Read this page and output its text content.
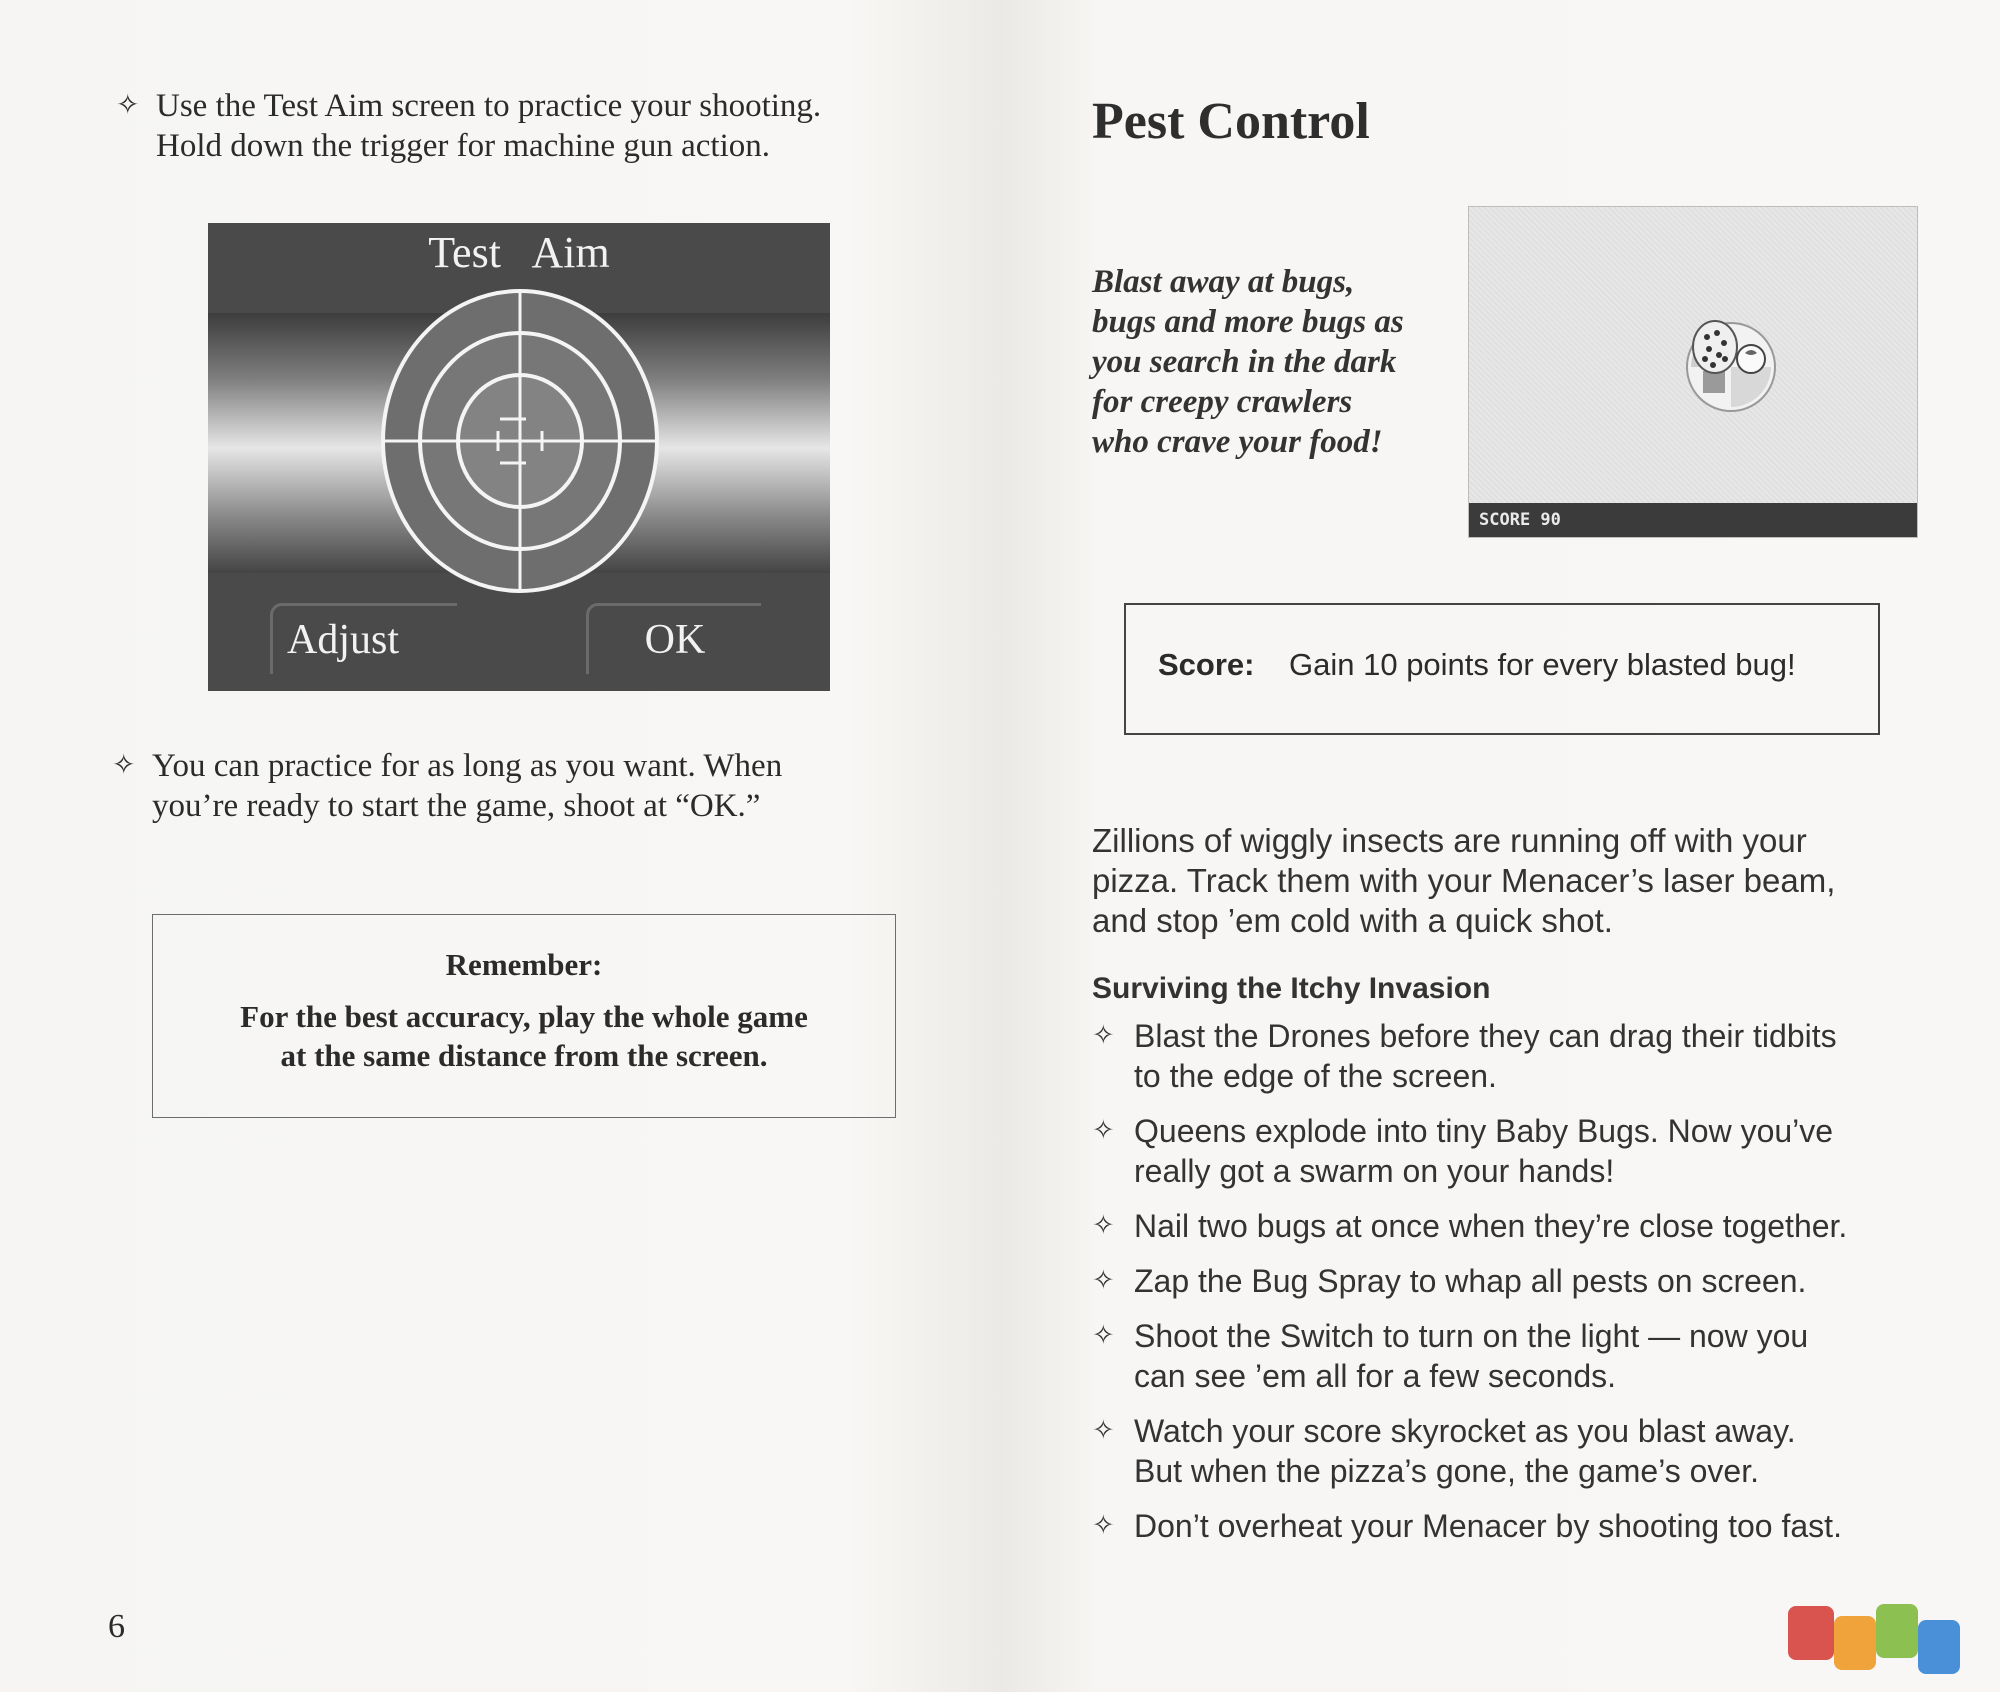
✧ Use the Test Aim screen to practice your shooting.
Hold down the trigger for machine gun action.
Test Aim
Adjust	OK
✧ You can practice for as long as you want. When
you’re ready to start the game, shoot at “OK.”
Remember:
For the best accuracy, play the whole game
at the same distance from the screen.
6
Pest Control
Blast away at bugs,
bugs and more bugs as
you search in the dark
for creepy crawlers
who crave your food!
SCORE 90
Score: Gain 10 points for every blasted bug!
Zillions of wiggly insects are running off with your
pizza. Track them with your Menacer’s laser beam,
and stop ’em cold with a quick shot.
Surviving the Itchy Invasion
✧ Blast the Drones before they can drag their tidbits
to the edge of the screen.
✧ Queens explode into tiny Baby Bugs. Now you’ve
really got a swarm on your hands!
✧ Nail two bugs at once when they’re close together.
✧ Zap the Bug Spray to whap all pests on screen.
✧ Shoot the Switch to turn on the light — now you
can see ’em all for a few seconds.
✧ Watch your score skyrocket as you blast away.
But when the pizza’s gone, the game’s over.
✧ Don’t overheat your Menacer by shooting too fast.
